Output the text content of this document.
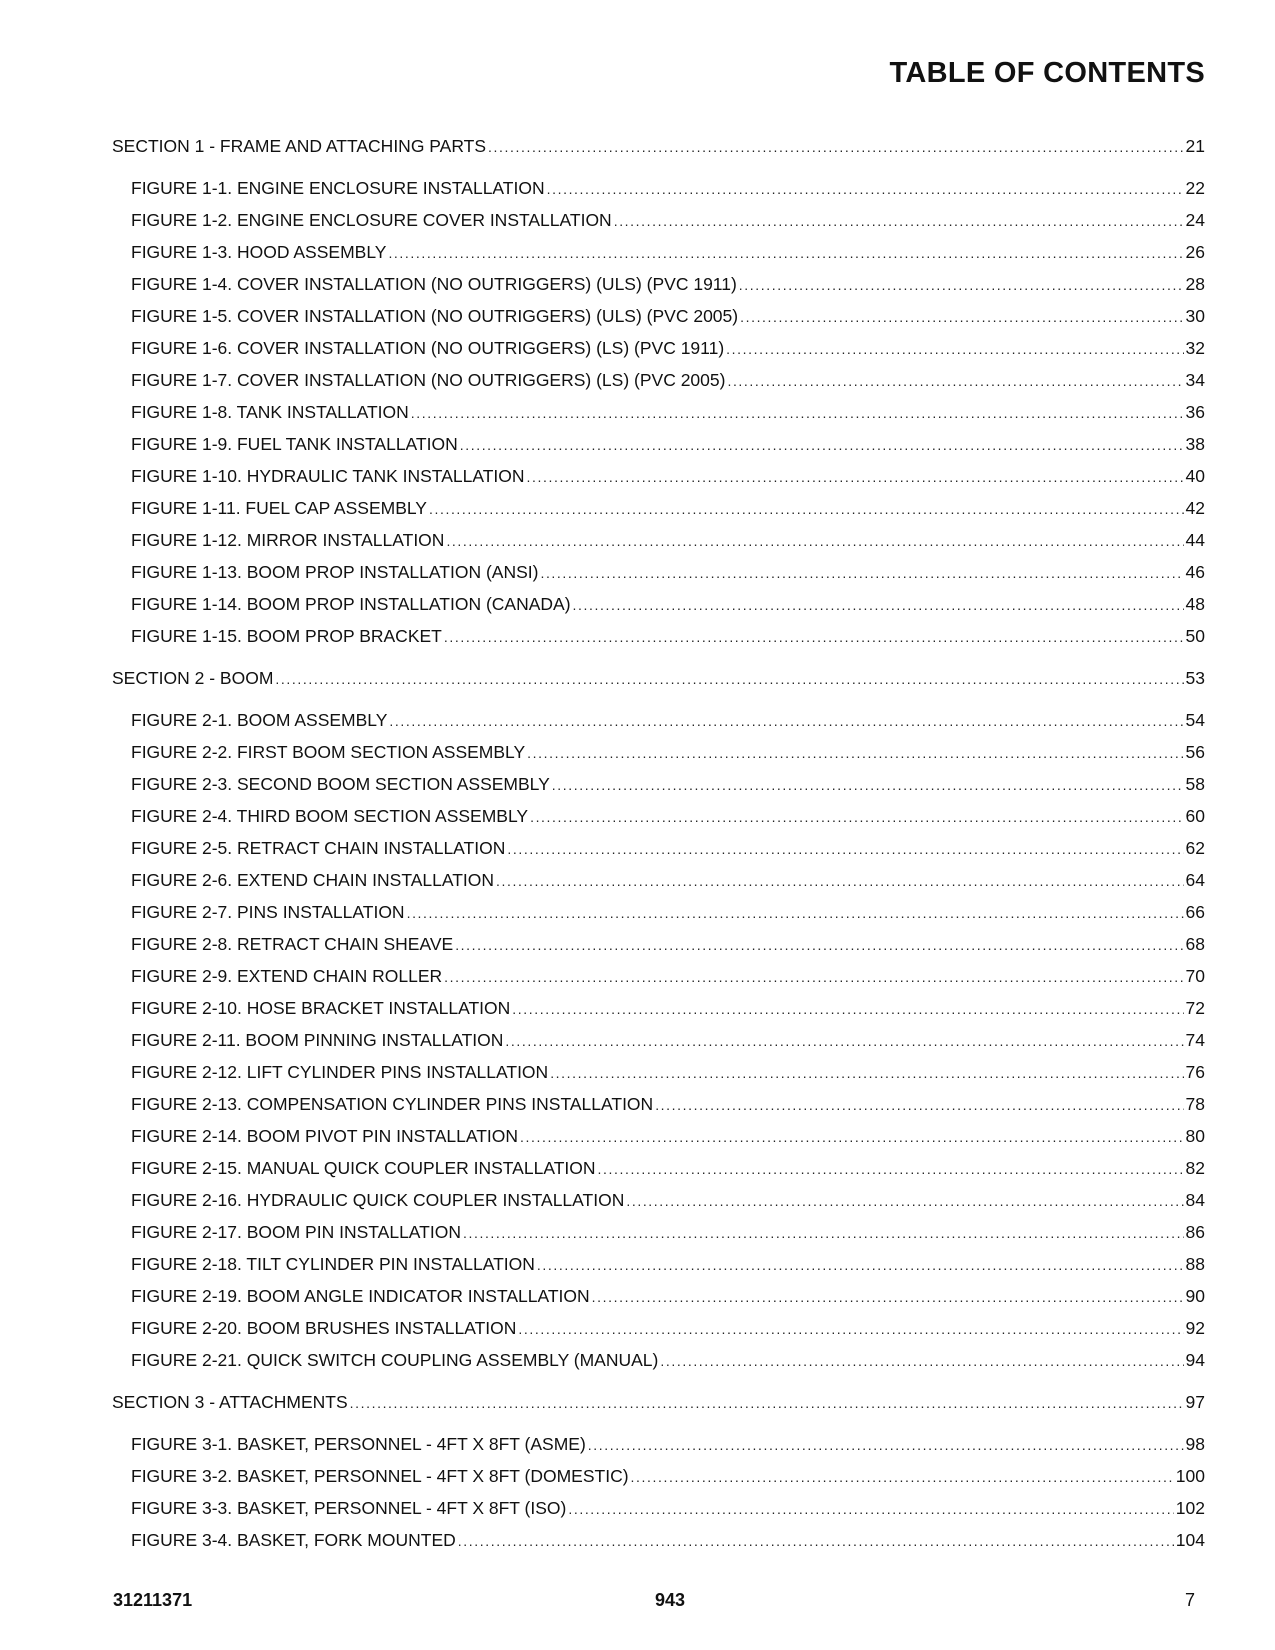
TABLE OF CONTENTS
SECTION 1 - FRAME AND ATTACHING PARTS .....	21
FIGURE 1-1. ENGINE ENCLOSURE INSTALLATION .....	22
FIGURE 1-2. ENGINE ENCLOSURE COVER INSTALLATION .....	24
FIGURE 1-3. HOOD ASSEMBLY .....	26
FIGURE 1-4. COVER INSTALLATION (NO OUTRIGGERS) (ULS) (PVC 1911) .....	28
FIGURE 1-5. COVER INSTALLATION (NO OUTRIGGERS) (ULS) (PVC 2005) .....	30
FIGURE 1-6. COVER INSTALLATION (NO OUTRIGGERS) (LS) (PVC 1911) .....	32
FIGURE 1-7. COVER INSTALLATION (NO OUTRIGGERS) (LS) (PVC 2005) .....	34
FIGURE 1-8. TANK INSTALLATION .....	36
FIGURE 1-9. FUEL TANK INSTALLATION .....	38
FIGURE 1-10. HYDRAULIC TANK INSTALLATION .....	40
FIGURE 1-11. FUEL CAP ASSEMBLY .....	42
FIGURE 1-12. MIRROR INSTALLATION .....	44
FIGURE 1-13. BOOM PROP INSTALLATION (ANSI) .....	46
FIGURE 1-14. BOOM PROP INSTALLATION (CANADA) .....	48
FIGURE 1-15. BOOM PROP BRACKET .....	50
SECTION 2 - BOOM .....	53
FIGURE 2-1. BOOM ASSEMBLY .....	54
FIGURE 2-2. FIRST BOOM SECTION ASSEMBLY .....	56
FIGURE 2-3. SECOND BOOM SECTION ASSEMBLY .....	58
FIGURE 2-4. THIRD BOOM SECTION ASSEMBLY .....	60
FIGURE 2-5. RETRACT CHAIN INSTALLATION .....	62
FIGURE 2-6. EXTEND CHAIN INSTALLATION .....	64
FIGURE 2-7. PINS INSTALLATION .....	66
FIGURE 2-8. RETRACT CHAIN SHEAVE .....	68
FIGURE 2-9. EXTEND CHAIN ROLLER .....	70
FIGURE 2-10. HOSE BRACKET INSTALLATION .....	72
FIGURE 2-11. BOOM PINNING INSTALLATION .....	74
FIGURE 2-12. LIFT CYLINDER PINS INSTALLATION .....	76
FIGURE 2-13. COMPENSATION CYLINDER PINS INSTALLATION .....	78
FIGURE 2-14. BOOM PIVOT PIN INSTALLATION .....	80
FIGURE 2-15. MANUAL QUICK COUPLER INSTALLATION .....	82
FIGURE 2-16. HYDRAULIC QUICK COUPLER INSTALLATION .....	84
FIGURE 2-17. BOOM PIN INSTALLATION .....	86
FIGURE 2-18. TILT CYLINDER PIN INSTALLATION .....	88
FIGURE 2-19. BOOM ANGLE INDICATOR INSTALLATION .....	90
FIGURE 2-20. BOOM BRUSHES INSTALLATION .....	92
FIGURE 2-21. QUICK SWITCH COUPLING ASSEMBLY (MANUAL) .....	94
SECTION 3 - ATTACHMENTS .....	97
FIGURE 3-1. BASKET, PERSONNEL - 4FT X 8FT (ASME) .....	98
FIGURE 3-2. BASKET, PERSONNEL - 4FT X 8FT (DOMESTIC) .....	100
FIGURE 3-3. BASKET, PERSONNEL - 4FT X 8FT (ISO) .....	102
FIGURE 3-4. BASKET, FORK MOUNTED .....	104
31211371	943	7
